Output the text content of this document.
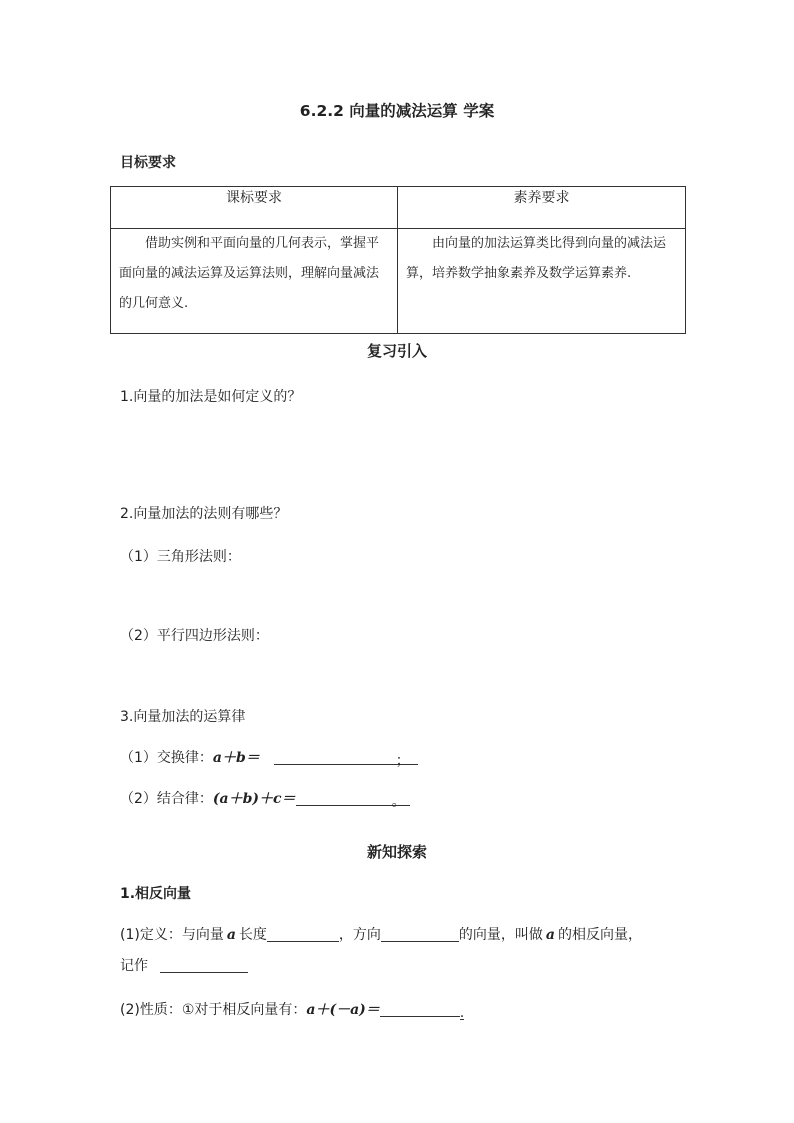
6.2.2 向量的减法运算 学案
目标要求
课标要求	素养要求

借助实例和平面向量的几何表示，掌握平面向量的减法运算及运算法则，理解向量减法的几何意义.	由向量的加法运算类比得到向量的减法运算，培养数学抽象素养及数学运算素养.

复习引入
1.向量的加法是如何定义的？
2.向量加法的法则有哪些？
（1）三角形法则：
（2）平行四边形法则：
3.向量加法的运算律
（1）交换律：a＋b＝	；
（2）结合律：(a＋b)＋c＝	。
新知探索
1.相反向量
(1)定义：与向量 a 长度	，方向	的向量，叫做 a 的相反向量，
记作
(2)性质：①对于相反向量有：a＋(－a)＝	.
